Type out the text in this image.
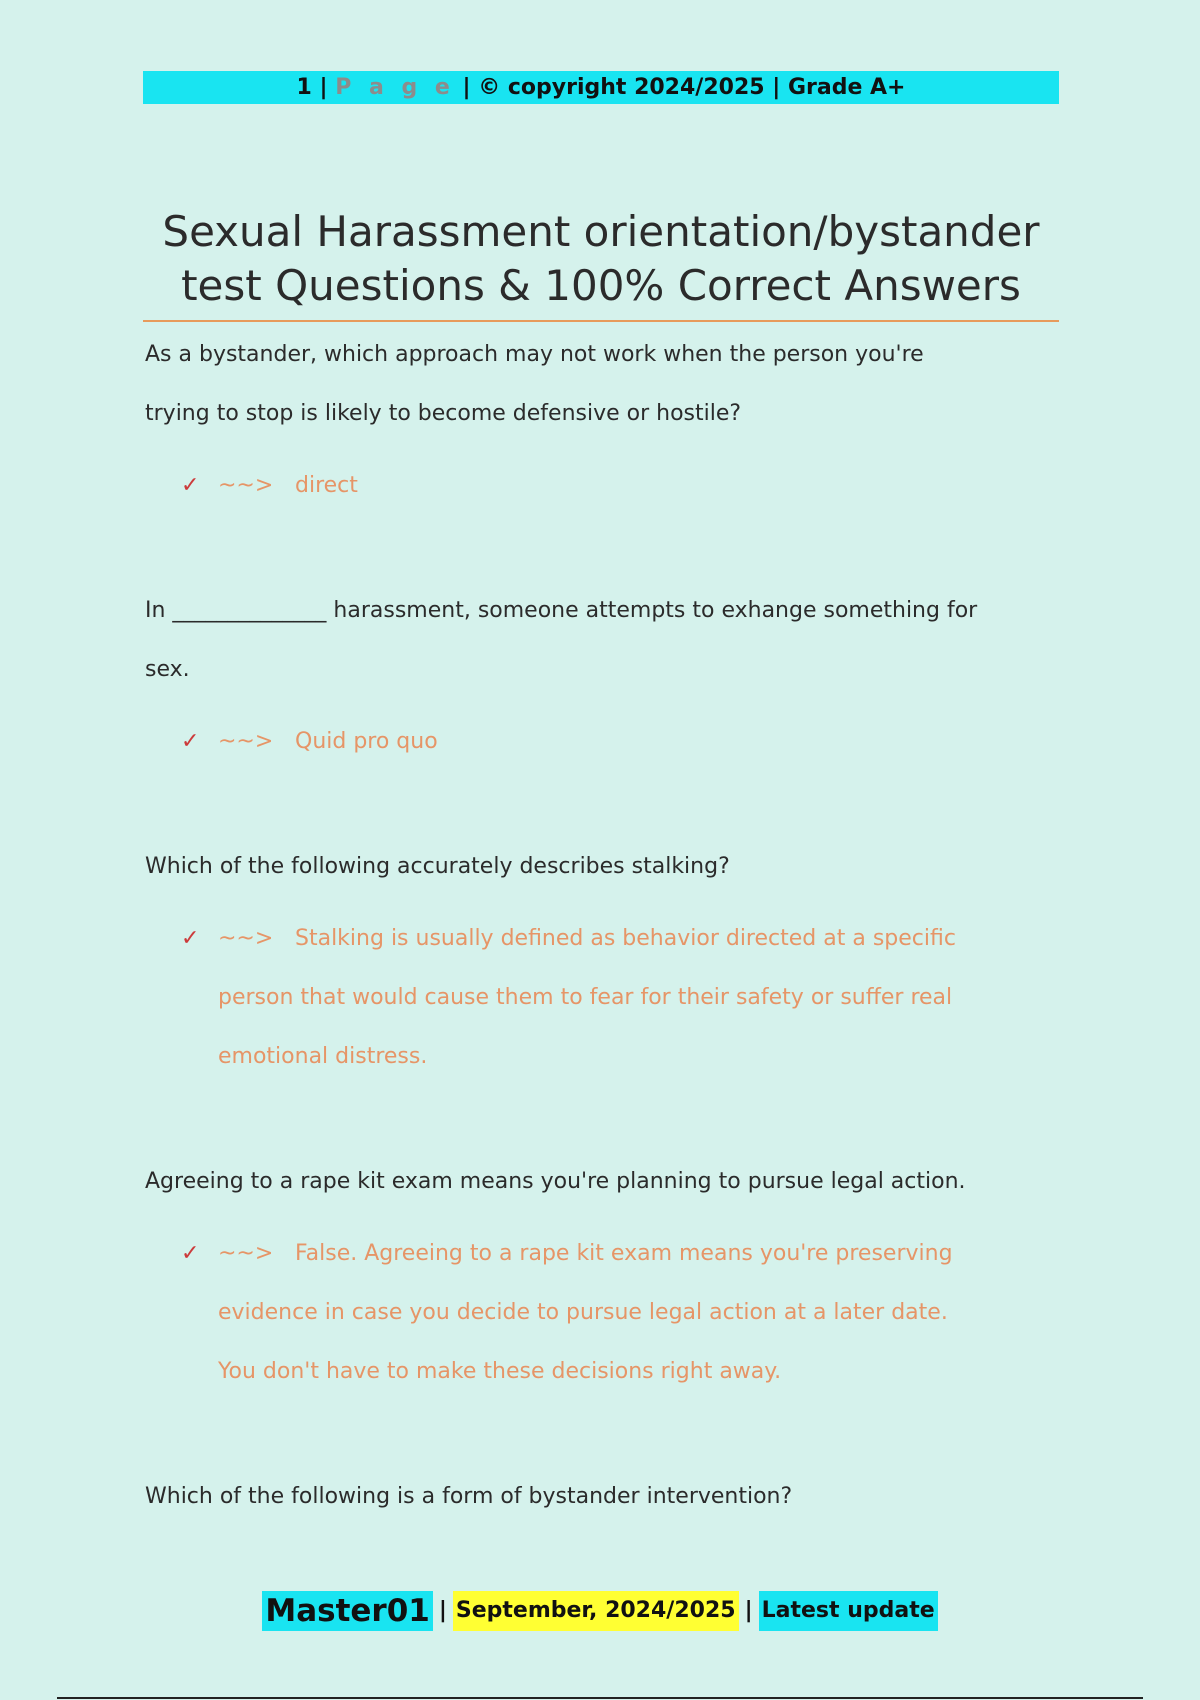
1 | P a g e | © copyright 2024/2025 | Grade A+
Sexual Harassment orientation/bystander
test Questions & 100% Correct Answers
As a bystander, which approach may not work when the person you're
trying to stop is likely to become defensive or hostile?
✓ ~~> direct
In ______________ harassment, someone attempts to exhange something for
sex.
✓ ~~> Quid pro quo
Which of the following accurately describes stalking?
✓ ~~> Stalking is usually defined as behavior directed at a specific
person that would cause them to fear for their safety or suffer real
emotional distress.
Agreeing to a rape kit exam means you're planning to pursue legal action.
✓ ~~> False. Agreeing to a rape kit exam means you're preserving
evidence in case you decide to pursue legal action at a later date.
You don't have to make these decisions right away.
Which of the following is a form of bystander intervention?
Master01 | September, 2024/2025 | Latest update
